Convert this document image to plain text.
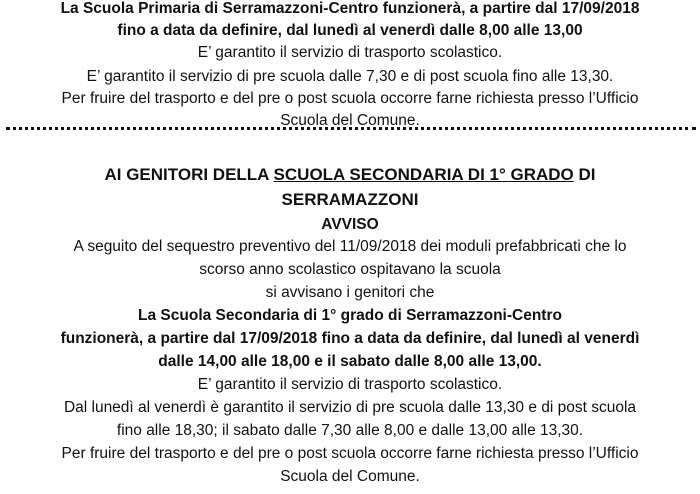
La Scuola Primaria di Serramazzoni-Centro funzionerà, a partire dal 17/09/2018
fino a data da definire, dal lunedì al venerdì dalle 8,00 alle 13,00
E’ garantito il servizio di trasporto scolastico.
E’ garantito il servizio di pre scuola dalle 7,30 e di post scuola fino alle 13,30.
Per fruire del trasporto e del pre o post scuola occorre farne richiesta presso l’Ufficio
Scuola del Comune.
AI GENITORI DELLA SCUOLA SECONDARIA DI 1° GRADO DI
SERRAMAZZONI
AVVISO
A seguito del sequestro preventivo del 11/09/2018 dei moduli prefabbricati che lo
scorso anno scolastico ospitavano la scuola
si avvisano i genitori che
La Scuola Secondaria di 1° grado di Serramazzoni-Centro
funzionerà, a partire dal 17/09/2018 fino a data da definire, dal lunedì al venerdì
dalle 14,00 alle 18,00 e il sabato dalle 8,00 alle 13,00.
E’ garantito il servizio di trasporto scolastico.
Dal lunedì al venerdì è garantito il servizio di pre scuola dalle 13,30 e di post scuola
fino alle 18,30; il sabato dalle 7,30 alle 8,00 e dalle 13,00 alle 13,30.
Per fruire del trasporto e del pre o post scuola occorre farne richiesta presso l’Ufficio
Scuola del Comune.
